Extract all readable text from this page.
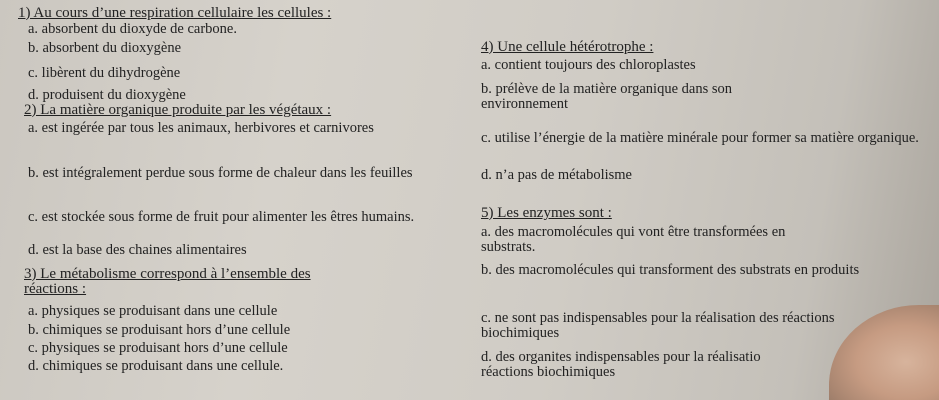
1) Au cours d’une respiration cellulaire les cellules :

a. absorbent du dioxyde de carbone.

b. absorbent du dioxygène

c. libèrent du dihydrogène

d. produisent du dioxygène

2) La matière organique produite par les végétaux :

a. est ingérée par tous les animaux, herbivores et carnivores

b. est intégralement perdue sous forme de chaleur dans les feuilles

c. est stockée sous forme de fruit pour alimenter les êtres humains.

d. est la base des chaines alimentaires

3) Le métabolisme correspond à l’ensemble des réactions :

a. physiques se produisant dans une cellule

b. chimiques se produisant hors d’une cellule

c. physiques se produisant hors d’une cellule

d. chimiques se produisant dans une cellule.

4) Une cellule hétérotrophe :

a. contient toujours des chloroplastes

b. prélève de la matière organique dans son environnement

c. utilise l’énergie de la matière minérale pour former sa matière organique.

d. n’a pas de métabolisme

5) Les enzymes sont :

a. des macromolécules qui vont être transformées en substrats.

b. des macromolécules qui transforment des substrats en produits

c. ne sont pas indispensables pour la réalisation des réactions biochimiques

d. des organites indispensables pour la réalisatio réactions biochimiques
